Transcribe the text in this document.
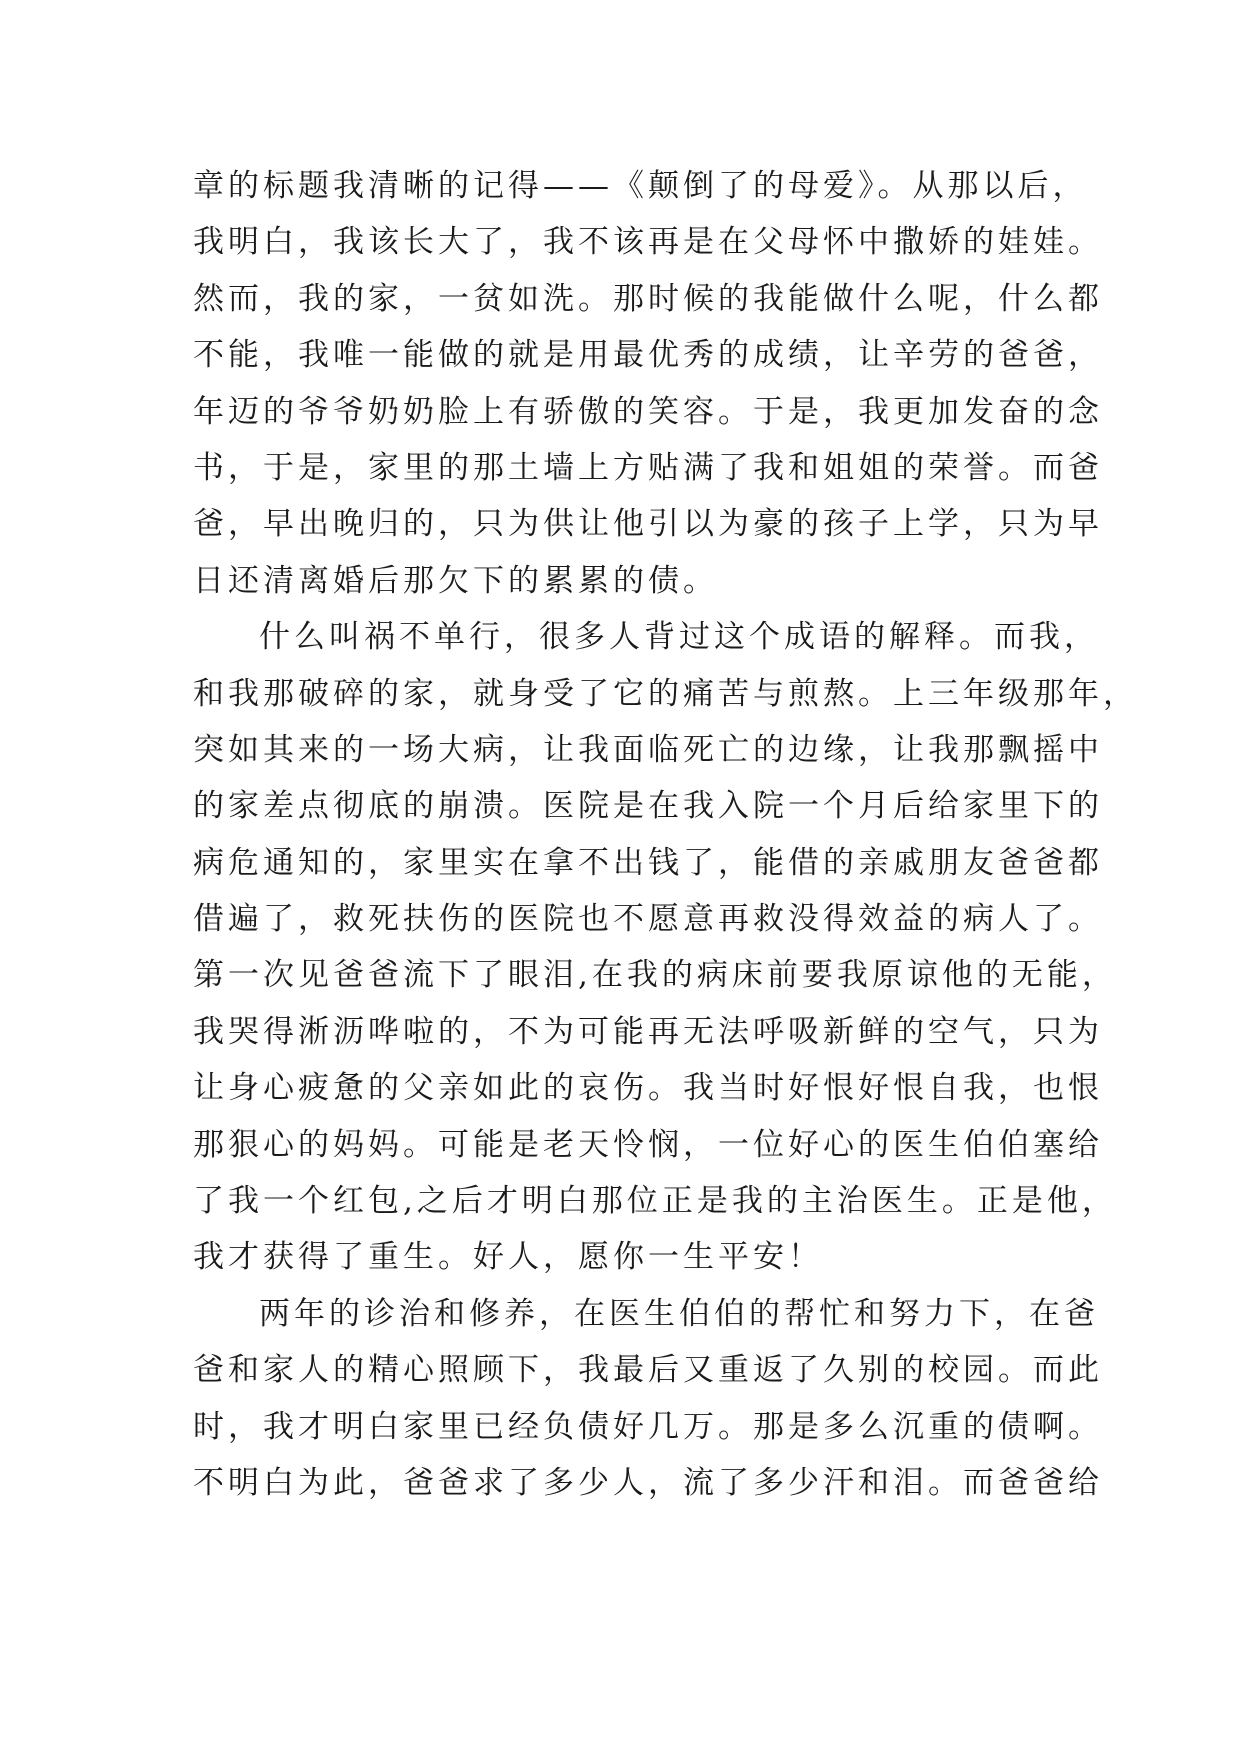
章的标题我清晰的记得——《颠倒了的母爱》。从那以后，
我明白，我该长大了，我不该再是在父母怀中撒娇的娃娃。
然而，我的家，一贫如洗。那时候的我能做什么呢，什么都
不能，我唯一能做的就是用最优秀的成绩，让辛劳的爸爸，
年迈的爷爷奶奶脸上有骄傲的笑容。于是，我更加发奋的念
书，于是，家里的那土墙上方贴满了我和姐姐的荣誉。而爸
爸，早出晚归的，只为供让他引以为豪的孩子上学，只为早
日还清离婚后那欠下的累累的债。
什么叫祸不单行，很多人背过这个成语的解释。而我，
和我那破碎的家，就身受了它的痛苦与煎熬。上三年级那年，
突如其来的一场大病，让我面临死亡的边缘，让我那飘摇中
的家差点彻底的崩溃。医院是在我入院一个月后给家里下的
病危通知的，家里实在拿不出钱了，能借的亲戚朋友爸爸都
借遍了，救死扶伤的医院也不愿意再救没得效益的病人了。
第一次见爸爸流下了眼泪,在我的病床前要我原谅他的无能，
我哭得淅沥哗啦的，不为可能再无法呼吸新鲜的空气，只为
让身心疲惫的父亲如此的哀伤。我当时好恨好恨自我，也恨
那狠心的妈妈。可能是老天怜悯，一位好心的医生伯伯塞给
了我一个红包,之后才明白那位正是我的主治医生。正是他，
我才获得了重生。好人，愿你一生平安！
两年的诊治和修养，在医生伯伯的帮忙和努力下，在爸
爸和家人的精心照顾下，我最后又重返了久别的校园。而此
时，我才明白家里已经负债好几万。那是多么沉重的债啊。
不明白为此，爸爸求了多少人，流了多少汗和泪。而爸爸给
